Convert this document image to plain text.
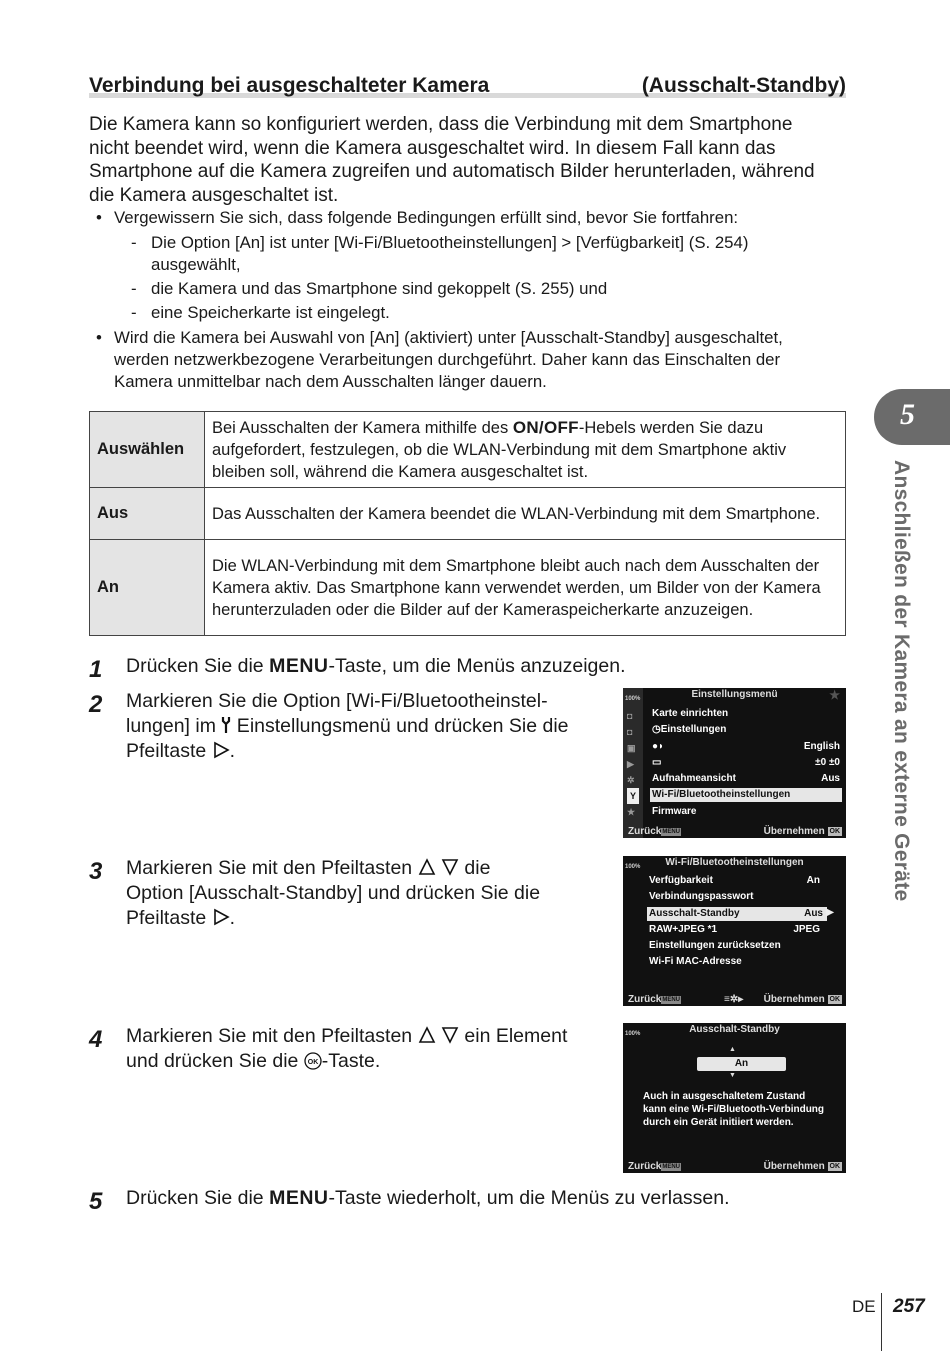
Verbindung bei ausgeschalteter Kamera	(Ausschalt-Standby)
Die Kamera kann so konfiguriert werden, dass die Verbindung mit dem Smartphone
nicht beendet wird, wenn die Kamera ausgeschaltet wird. In diesem Fall kann das
Smartphone auf die Kamera zugreifen und automatisch Bilder herunterladen, während
die Kamera ausgeschaltet ist.
• Vergewissern Sie sich, dass folgende Bedingungen erfüllt sind, bevor Sie fortfahren:
- Die Option [An] ist unter [Wi-Fi/Bluetootheinstellungen] > [Verfügbarkeit] (S. 254)
ausgewählt,
- die Kamera und das Smartphone sind gekoppelt (S. 255) und
- eine Speicherkarte ist eingelegt.
• Wird die Kamera bei Auswahl von [An] (aktiviert) unter [Ausschalt-Standby] ausgeschaltet,
werden netzwerkbezogene Verarbeitungen durchgeführt. Daher kann das Einschalten der
Kamera unmittelbar nach dem Ausschalten länger dauern.
Auswählen	Bei Ausschalten der Kamera mithilfe des ON/OFF-Hebels werden Sie dazu aufgefordert, festzulegen, ob die WLAN-Verbindung mit dem Smartphone aktiv bleiben soll, während die Kamera ausgeschaltet ist.
Aus	Das Ausschalten der Kamera beendet die WLAN-Verbindung mit dem Smartphone.
An	Die WLAN-Verbindung mit dem Smartphone bleibt auch nach dem Ausschalten der Kamera aktiv. Das Smartphone kann verwendet werden, um Bilder von der Kamera herunterzuladen oder die Bilder auf der Kameraspeicherkarte anzuzeigen.
1 Drücken Sie die MENU-Taste, um die Menüs anzuzeigen.
2 Markieren Sie die Option [Wi-Fi/Bluetootheinstel-
lungen] im  Einstellungsmenü und drücken Sie die
Pfeiltaste .
3 Markieren Sie mit den Pfeiltasten   die
Option [Ausschalt-Standby] und drücken Sie die
Pfeiltaste .
4 Markieren Sie mit den Pfeiltasten   ein Element
und drücken Sie die OK -Taste.
5 Drücken Sie die MENU-Taste wiederholt, um die Menüs zu verlassen.
100%	Einstellungsmenü	★
◘
◘
▣
▶
✲
Y
★
Karte einrichten
◷Einstellungen
●◗	English
▭	±0 ±0
Aufnahmeansicht	Aus
Wi-Fi/Bluetootheinstellungen
Firmware
ZurückMENU	Übernehmen OK
100%	Wi-Fi/Bluetootheinstellungen
Verfügbarkeit	An
Verbindungspasswort
Ausschalt-Standby	Aus ▶
RAW+JPEG *1	JPEG
Einstellungen zurücksetzen
Wi-Fi MAC-Adresse
ZurückMENU	≡✲▸ Übernehmen OK
100%	Ausschalt-Standby
▲
An
▼
Auch in ausgeschaltetem Zustand
kann eine Wi-Fi/Bluetooth-Verbindung
durch ein Gerät initiiert werden.
ZurückMENU	Übernehmen OK
5
Anschließen der Kamera an externe Geräte
DE 257
